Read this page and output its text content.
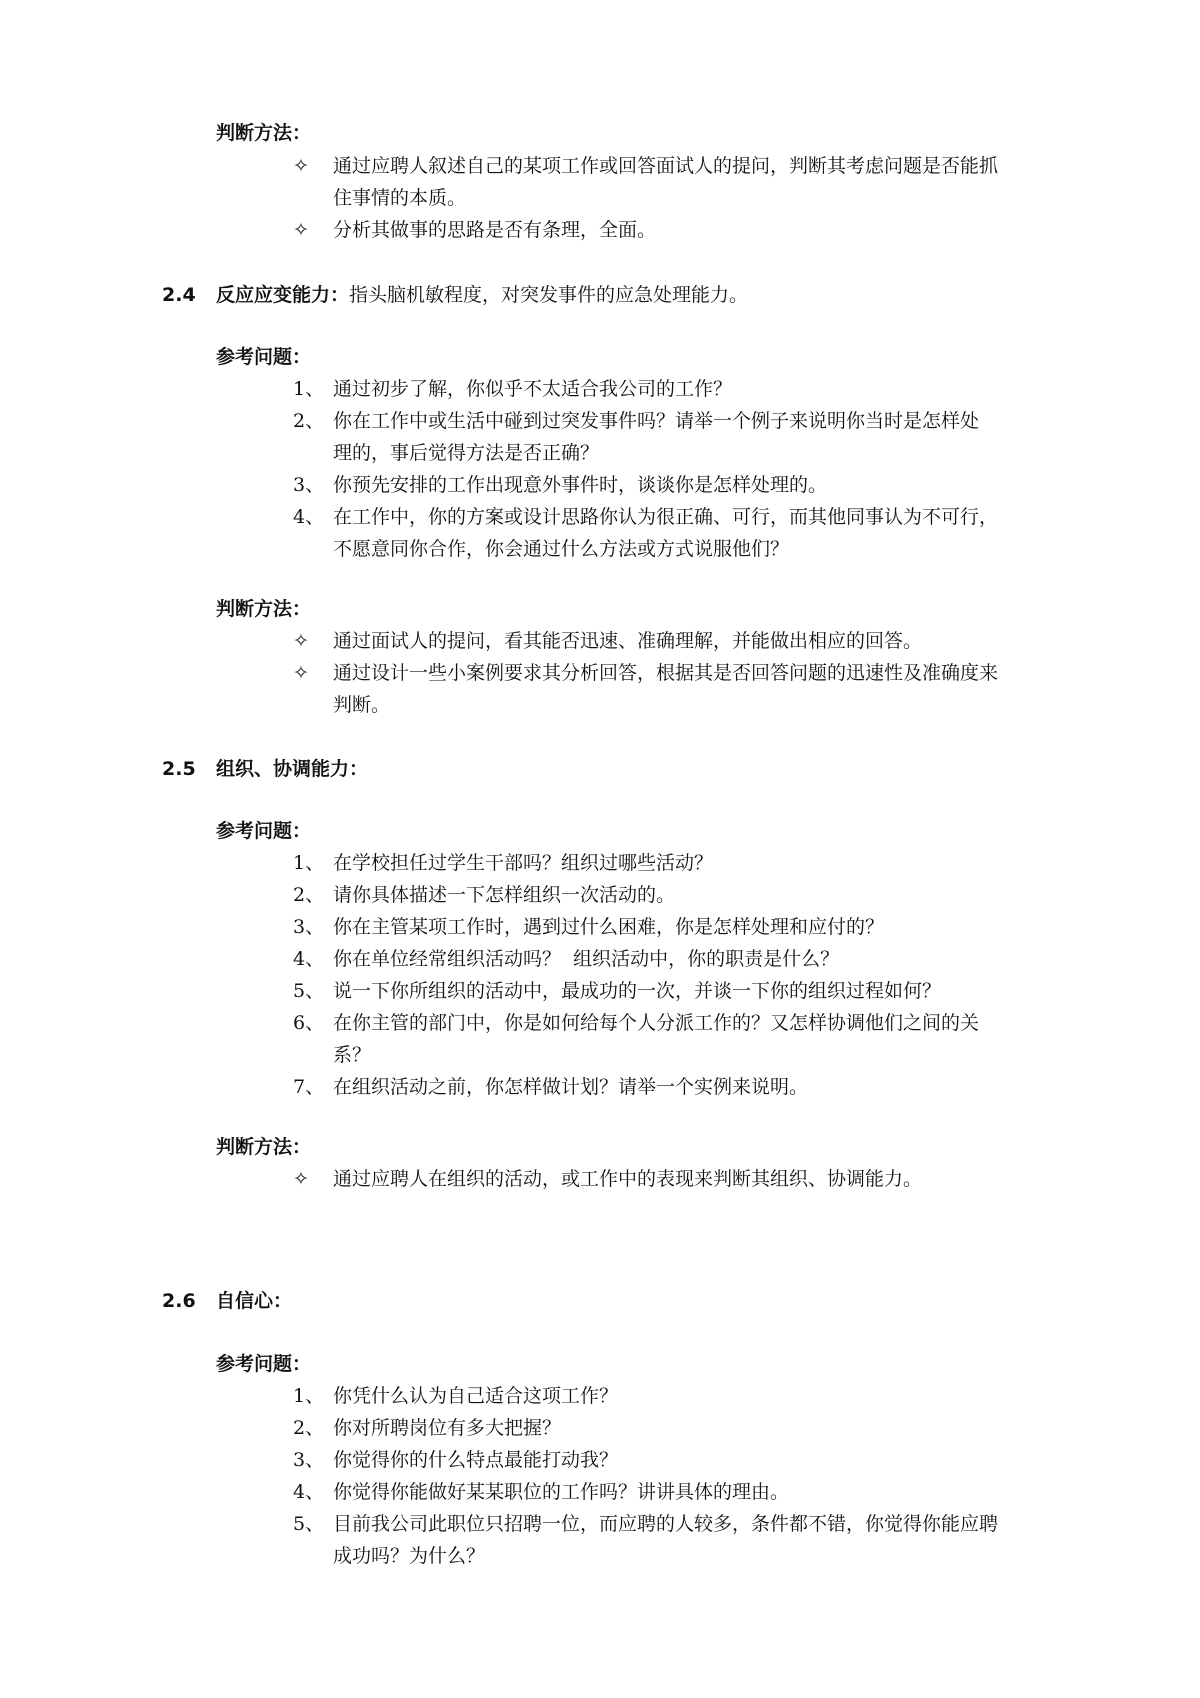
判断方法：
✧ 通过应聘人叙述自己的某项工作或回答面试人的提问，判断其考虑问题是否能抓
住事情的本质。
✧ 分析其做事的思路是否有条理，全面。
2.4 反应应变能力：指头脑机敏程度，对突发事件的应急处理能力。
参考问题：
1、 通过初步了解，你似乎不太适合我公司的工作？
2、 你在工作中或生活中碰到过突发事件吗？请举一个例子来说明你当时是怎样处
理的，事后觉得方法是否正确？
3、 你预先安排的工作出现意外事件时，谈谈你是怎样处理的。
4、 在工作中，你的方案或设计思路你认为很正确、可行，而其他同事认为不可行，
不愿意同你合作，你会通过什么方法或方式说服他们？
判断方法：
✧ 通过面试人的提问，看其能否迅速、准确理解，并能做出相应的回答。
✧ 通过设计一些小案例要求其分析回答，根据其是否回答问题的迅速性及准确度来
判断。
2.5 组织、协调能力：
参考问题：
1、 在学校担任过学生干部吗？组织过哪些活动？
2、 请你具体描述一下怎样组织一次活动的。
3、 你在主管某项工作时，遇到过什么困难，你是怎样处理和应付的？
4、 你在单位经常组织活动吗？  组织活动中，你的职责是什么？
5、 说一下你所组织的活动中，最成功的一次，并谈一下你的组织过程如何？
6、 在你主管的部门中，你是如何给每个人分派工作的？又怎样协调他们之间的关
系？
7、 在组织活动之前，你怎样做计划？请举一个实例来说明。
判断方法：
✧ 通过应聘人在组织的活动，或工作中的表现来判断其组织、协调能力。
2.6 自信心：
参考问题：
1、 你凭什么认为自己适合这项工作？
2、 你对所聘岗位有多大把握？
3、 你觉得你的什么特点最能打动我？
4、 你觉得你能做好某某职位的工作吗？讲讲具体的理由。
5、 目前我公司此职位只招聘一位，而应聘的人较多，条件都不错，你觉得你能应聘
成功吗？为什么？
